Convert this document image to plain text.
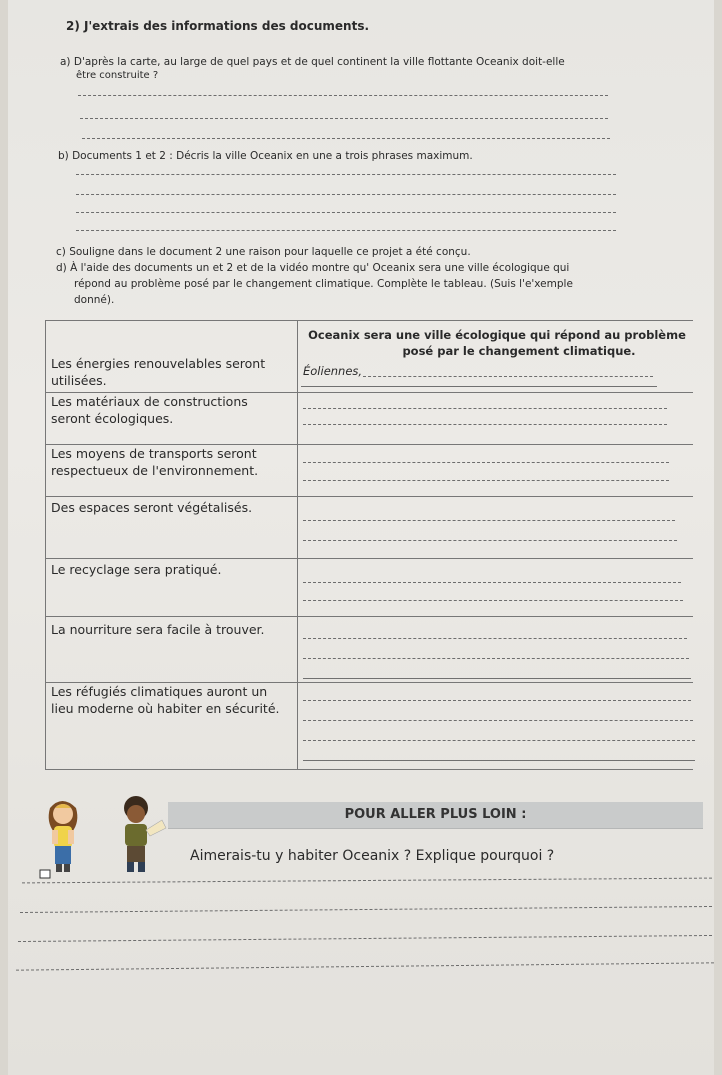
2) J'extrais des informations des documents.
a) D'après la carte, au large de quel pays et de quel continent la ville flottante Oceanix doit-elle
être construite ?
b) Documents 1 et 2 : Décris la ville Oceanix en une a trois phrases maximum.
c) Souligne dans le document 2 une raison pour laquelle ce projet a été conçu.
d) À l'aide des documents un et 2 et de la vidéo montre qu' Oceanix sera une ville écologique qui
répond au problème posé par le changement climatique. Complète le tableau. (Suis l'e'xemple
donné).
Oceanix sera une ville écologique qui répond au problème
posé par le changement climatique.
Les énergies renouvelables seront
utilisées.
Éoliennes,
Les matériaux de constructions
seront écologiques.
Les moyens de transports seront
respectueux de l'environnement.
Des espaces seront végétalisés.
Le recyclage sera pratiqué.
La nourriture sera facile à trouver.
Les réfugiés climatiques auront un
lieu moderne où habiter en sécurité.
POUR ALLER PLUS LOIN :
Aimerais-tu y habiter Oceanix ? Explique pourquoi ?
